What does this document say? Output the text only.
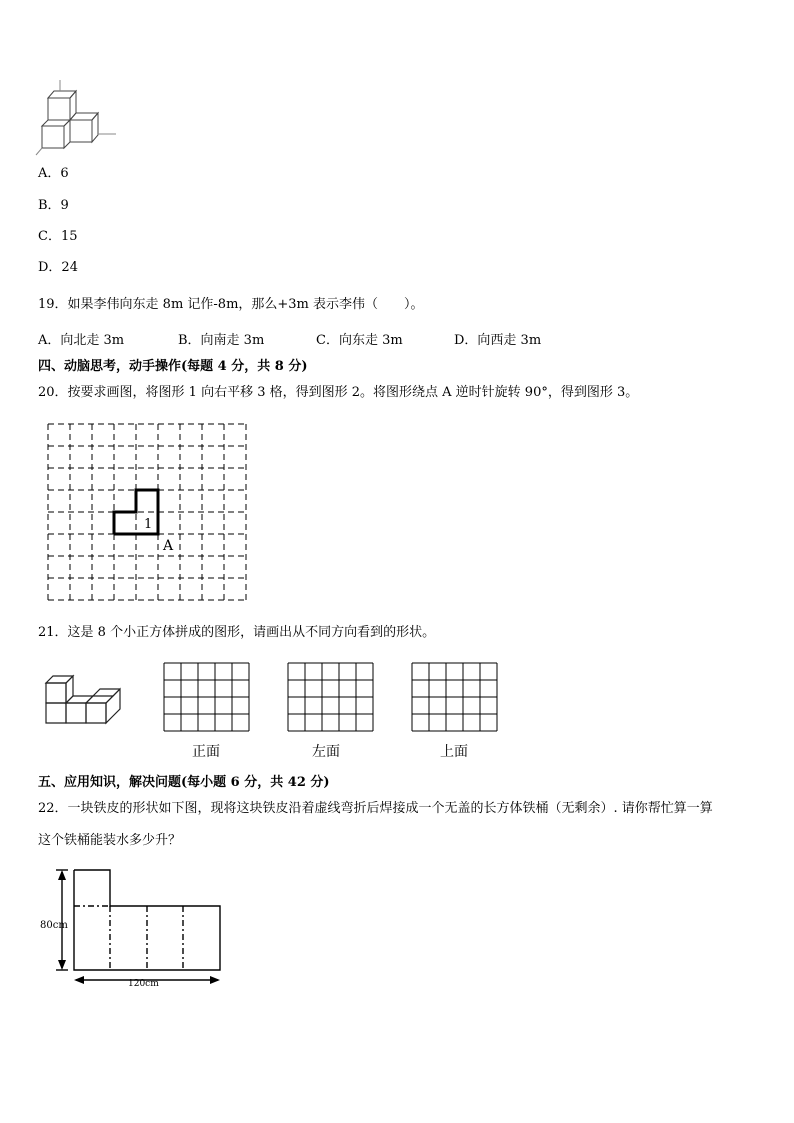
A．6
B．9
C．15
D．24
19．如果李伟向东走 8m 记作-8m，那么+3m 表示李伟（　　）。
A．向北走 3m	B．向南走 3m	C．向东走 3m	D．向西走 3m
四、动脑思考，动手操作(每题 4 分，共 8 分)
20．按要求画图，将图形 1 向右平移 3 格，得到图形 2。将图形绕点 A 逆时针旋转 90°，得到图形 3。
1
A
21．这是 8 个小正方体拼成的图形，请画出从不同方向看到的形状。
正面	左面	上面
五、应用知识，解决问题(每小题 6 分，共 42 分)
22．一块铁皮的形状如下图，现将这块铁皮沿着虚线弯折后焊接成一个无盖的长方体铁桶（无剩余）. 请你帮忙算一算
这个铁桶能装水多少升？
80cm
120cm
